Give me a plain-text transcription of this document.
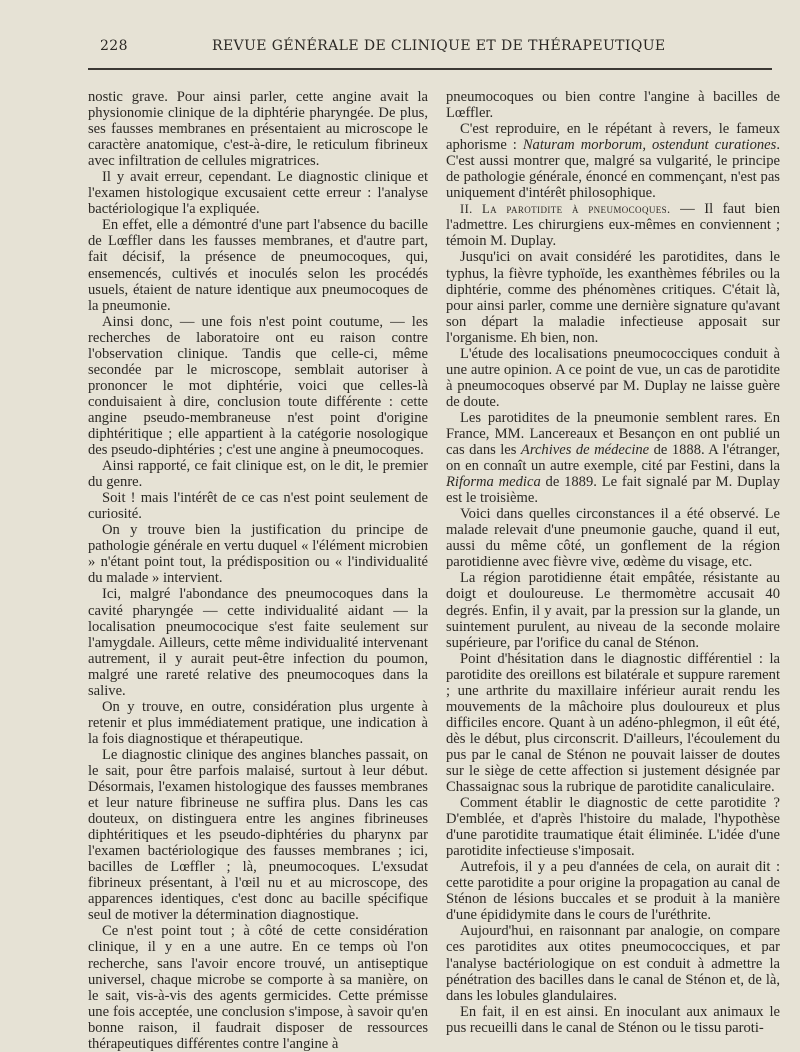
228	REVUE GÉNÉRALE DE CLINIQUE ET DE THÉRAPEUTIQUE

nostic grave. Pour ainsi parler, cette angine avait la physionomie clinique de la diphtérie pharyngée. De plus, ses fausses membranes en présentaient au microscope le caractère anatomique, c'est-à-dire, le reticulum fibrineux avec infiltration de cellules migratrices.

Il y avait erreur, cependant. Le diagnostic clinique et l'examen histologique excusaient cette erreur : l'analyse bactériologique l'a expliquée.

En effet, elle a démontré d'une part l'absence du bacille de Lœffler dans les fausses membranes, et d'autre part, fait décisif, la présence de pneumocoques, qui, ensemencés, cultivés et inoculés selon les procédés usuels, étaient de nature identique aux pneumocoques de la pneumonie.

Ainsi donc, — une fois n'est point coutume, — les recherches de laboratoire ont eu raison contre l'observation clinique. Tandis que celle-ci, même secondée par le microscope, semblait autoriser à prononcer le mot diphtérie, voici que celles-là conduisaient à dire, conclusion toute différente : cette angine pseudo-membraneuse n'est point d'origine diphtéritique ; elle appartient à la catégorie nosologique des pseudo-diphtéries ; c'est une angine à pneumocoques.

Ainsi rapporté, ce fait clinique est, on le dit, le premier du genre.

Soit ! mais l'intérêt de ce cas n'est point seulement de curiosité.

On y trouve bien la justification du principe de pathologie générale en vertu duquel « l'élément microbien » n'étant point tout, la prédisposition ou « l'individualité du malade » intervient.

Ici, malgré l'abondance des pneumocoques dans la cavité pharyngée — cette individualité aidant — la localisation pneumococique s'est faite seulement sur l'amygdale. Ailleurs, cette même individualité intervenant autrement, il y aurait peut-être infection du poumon, malgré une rareté relative des pneumocoques dans la salive.

On y trouve, en outre, considération plus urgente à retenir et plus immédiatement pratique, une indication à la fois diagnostique et thérapeutique.

Le diagnostic clinique des angines blanches passait, on le sait, pour être parfois malaisé, surtout à leur début. Désormais, l'examen histologique des fausses membranes et leur nature fibrineuse ne suffira plus. Dans les cas douteux, on distinguera entre les angines fibrineuses diphtéritiques et les pseudo-diphtéries du pharynx par l'examen bactériologique des fausses membranes ; ici, bacilles de Lœffler ; là, pneumocoques. L'exsudat fibrineux présentant, à l'œil nu et au microscope, des apparences identiques, c'est donc au bacille spécifique seul de motiver la détermination diagnostique.

Ce n'est point tout ; à côté de cette considération clinique, il y en a une autre. En ce temps où l'on recherche, sans l'avoir encore trouvé, un antiseptique universel, chaque microbe se comporte à sa manière, on le sait, vis-à-vis des agents germicides. Cette prémisse une fois acceptée, une conclusion s'impose, à savoir qu'en bonne raison, il faudrait disposer de ressources thérapeutiques différentes contre l'angine à

pneumocoques ou bien contre l'angine à bacilles de Lœffler.

C'est reproduire, en le répétant à revers, le fameux aphorisme : Naturam morborum, ostendunt curationes. C'est aussi montrer que, malgré sa vulgarité, le principe de pathologie générale, énoncé en commençant, n'est pas uniquement d'intérêt philosophique.

II. La parotidite à pneumocoques. — Il faut bien l'admettre. Les chirurgiens eux-mêmes en conviennent ; témoin M. Duplay.

Jusqu'ici on avait considéré les parotidites, dans le typhus, la fièvre typhoïde, les exanthèmes fébriles ou la diphtérie, comme des phénomènes critiques. C'était là, pour ainsi parler, comme une dernière signature qu'avant son départ la maladie infectieuse apposait sur l'organisme. Eh bien, non.

L'étude des localisations pneumococciques conduit à une autre opinion. A ce point de vue, un cas de parotidite à pneumocoques observé par M. Duplay ne laisse guère de doute.

Les parotidites de la pneumonie semblent rares. En France, MM. Lancereaux et Besançon en ont publié un cas dans les Archives de médecine de 1888. A l'étranger, on en connaît un autre exemple, cité par Festini, dans la Riforma medica de 1889. Le fait signalé par M. Duplay est le troisième.

Voici dans quelles circonstances il a été observé. Le malade relevait d'une pneumonie gauche, quand il eut, aussi du même côté, un gonflement de la région parotidienne avec fièvre vive, œdème du visage, etc.

La région parotidienne était empâtée, résistante au doigt et douloureuse. Le thermomètre accusait 40 degrés. Enfin, il y avait, par la pression sur la glande, un suintement purulent, au niveau de la seconde molaire supérieure, par l'orifice du canal de Sténon.

Point d'hésitation dans le diagnostic différentiel : la parotidite des oreillons est bilatérale et suppure rarement ; une arthrite du maxillaire inférieur aurait rendu les mouvements de la mâchoire plus douloureux et plus difficiles encore. Quant à un adéno-phlegmon, il eût été, dès le début, plus circonscrit. D'ailleurs, l'écoulement du pus par le canal de Sténon ne pouvait laisser de doutes sur le siège de cette affection si justement désignée par Chassaignac sous la rubrique de parotidite canaliculaire.

Comment établir le diagnostic de cette parotidite ? D'emblée, et d'après l'histoire du malade, l'hypothèse d'une parotidite traumatique était éliminée. L'idée d'une parotidite infectieuse s'imposait.

Autrefois, il y a peu d'années de cela, on aurait dit : cette parotidite a pour origine la propagation au canal de Sténon de lésions buccales et se produit à la manière d'une épididymite dans le cours de l'uréthrite.

Aujourd'hui, en raisonnant par analogie, on compare ces parotidites aux otites pneumococciques, et par l'analyse bactériologique on est conduit à admettre la pénétration des bacilles dans le canal de Sténon et, de là, dans les lobules glandulaires.

En fait, il en est ainsi. En inoculant aux animaux le pus recueilli dans le canal de Sténon ou le tissu paroti-
